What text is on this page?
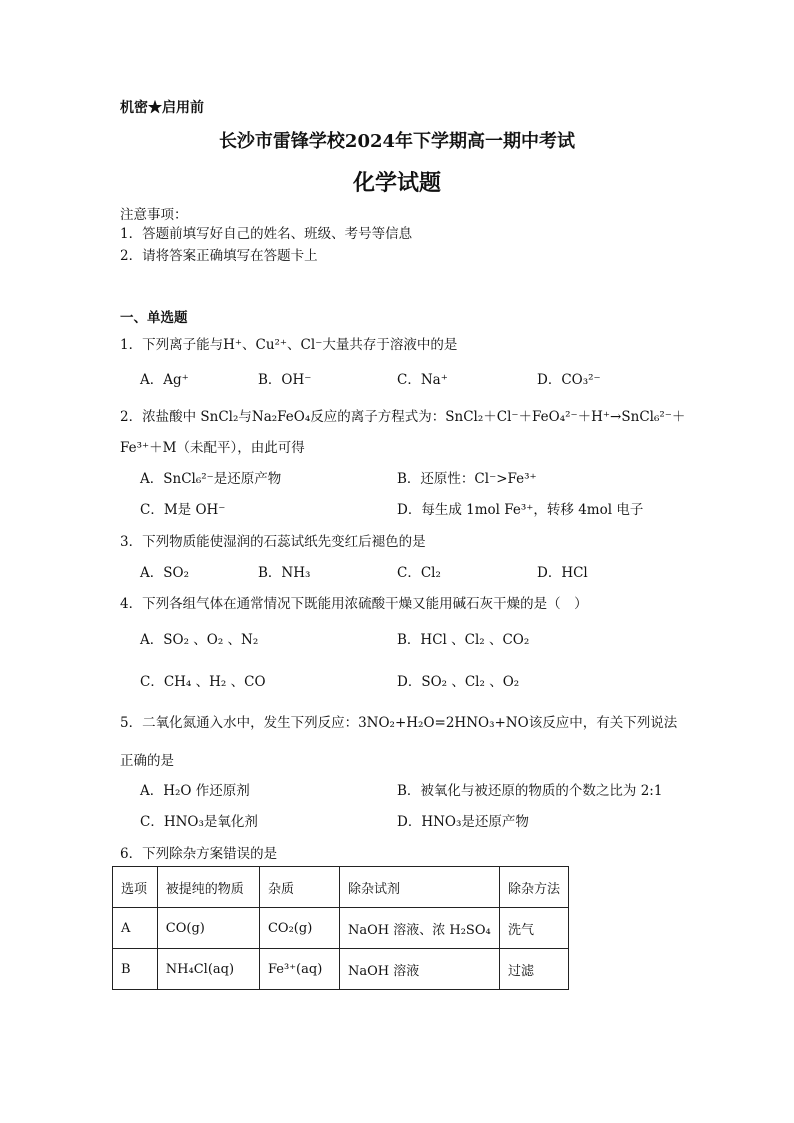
机密★启用前
长沙市雷锋学校2024年下学期高一期中考试
化学试题
注意事项：
1．答题前填写好自己的姓名、班级、考号等信息
2．请将答案正确填写在答题卡上
一、单选题
1．下列离子能与H⁺、Cu²⁺、Cl⁻大量共存于溶液中的是
A．Ag⁺	B．OH⁻	C．Na⁺	D．CO₃²⁻
2．浓盐酸中 SnCl₂与Na₂FeO₄反应的离子方程式为：SnCl₂＋Cl⁻＋FeO₄²⁻＋H⁺→SnCl₆²⁻＋
Fe³⁺＋M（未配平），由此可得
A．SnCl₆²⁻是还原产物	B．还原性：Cl⁻>Fe³⁺
C．M是 OH⁻	D．每生成 1mol Fe³⁺，转移 4mol 电子
3．下列物质能使湿润的石蕊试纸先变红后褪色的是
A．SO₂	B．NH₃	C．Cl₂	D．HCl
4．下列各组气体在通常情况下既能用浓硫酸干燥又能用碱石灰干燥的是（　）
A．SO₂ 、O₂ 、N₂	B．HCl 、Cl₂ 、CO₂
C．CH₄ 、H₂ 、CO	D．SO₂ 、Cl₂ 、O₂
5．二氧化氮通入水中，发生下列反应：3NO₂+H₂O=2HNO₃+NO该反应中，有关下列说法
正确的是
A．H₂O 作还原剂	B．被氧化与被还原的物质的个数之比为 2:1
C．HNO₃是氧化剂	D．HNO₃是还原产物
6．下列除杂方案错误的是
选项	被提纯的物质	杂质	除杂试剂	除杂方法
A	CO(g)	CO₂(g)	NaOH 溶液、浓 H₂SO₄	洗气
B	NH₄Cl(aq)	Fe³⁺(aq)	NaOH 溶液	过滤
